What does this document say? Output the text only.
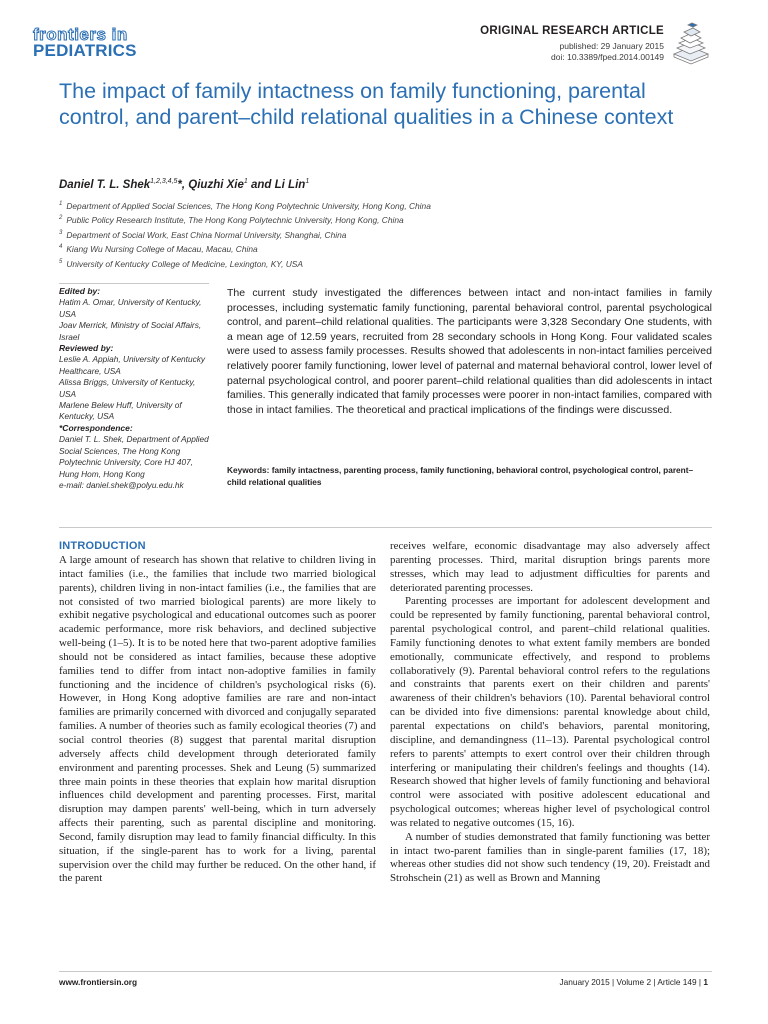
frontiers in
PEDIATRICS
ORIGINAL RESEARCH ARTICLE
published: 29 January 2015
doi: 10.3389/fped.2014.00149
The impact of family intactness on family functioning, parental control, and parent–child relational qualities in a Chinese context
Daniel T. L. Shek$^{1,2,3,4,5}$*, Qiuzhi Xie$^1$ and Li Lin$^1$
$^1$ Department of Applied Social Sciences, The Hong Kong Polytechnic University, Hong Kong, China
$^2$ Public Policy Research Institute, The Hong Kong Polytechnic University, Hong Kong, China
$^3$ Department of Social Work, East China Normal University, Shanghai, China
$^4$ Kiang Wu Nursing College of Macau, Macau, China
$^5$ University of Kentucky College of Medicine, Lexington, KY, USA

Edited by:

Hatim A. Omar, University of Kentucky, USA

Joav Merrick, Ministry of Social Affairs, Israel

Reviewed by:

Leslie A. Appiah, University of Kentucky Healthcare, USA

Alissa Briggs, University of Kentucky, USA

Marlene Belew Huff, University of Kentucky, USA

*Correspondence:

Daniel T. L. Shek, Department of Applied Social Sciences, The Hong Kong Polytechnic University, Core HJ 407, Hung Hom, Hong Kong

e-mail: daniel.shek@polyu.edu.hk

The current study investigated the differences between intact and non-intact families in family processes, including systematic family functioning, parental behavioral control, parental psychological control, and parent–child relational qualities. The participants were 3,328 Secondary One students, with a mean age of 12.59 years, recruited from 28 secondary schools in Hong Kong. Four validated scales were used to assess family processes. Results showed that adolescents in non-intact families perceived relatively poorer family functioning, lower level of paternal and maternal behavioral control, lower level of paternal psychological control, and poorer parent–child relational qualities than did adolescents in intact families. This generally indicated that family processes were poorer in non-intact families, compared with those in intact families. The theoretical and practical implications of the findings were discussed.
Keywords: family intactness, parenting process, family functioning, behavioral control, psychological control, parent–child relational qualities
INTRODUCTION

A large amount of research has shown that relative to children living in intact families (i.e., the families that include two married biological parents), children living in non-intact families (i.e., the families that are not consisted of two married biological parents) are more likely to exhibit negative psychological and educational outcomes such as poorer academic performance, more risk behaviors, and declined subjective well-being (1–5). It is to be noted here that two-parent adoptive families should not be considered as intact families, because these adoptive families tend to differ from intact non-adoptive families in family functioning and the incidence of children's psychological risks (6). However, in Hong Kong adoptive families are rare and non-intact families are primarily concerned with divorced and conjugally separated families. A number of theories such as family ecological theories (7) and social control theories (8) suggest that parental marital disruption adversely affects child development through deteriorated family environment and parenting processes. Shek and Leung (5) summarized three main points in these theories that explain how marital disruption influences child development and parenting processes. First, marital disruption may dampen parents' well-being, which in turn adversely affects their parenting, such as parental discipline and monitoring. Second, family disruption may lead to family financial difficulty. In this situation, if the single-parent has to work for a living, parental supervision over the child may further be reduced. On the other hand, if the parent

receives welfare, economic disadvantage may also adversely affect parenting processes. Third, marital disruption brings parents more stresses, which may lead to adjustment difficulties for parents and deteriorated parenting processes.

Parenting processes are important for adolescent development and could be represented by family functioning, parental behavioral control, parental psychological control, and parent–child relational qualities. Family functioning denotes to what extent family members are bonded emotionally, communicate effectively, and respond to problems collaboratively (9). Parental behavioral control refers to the regulations and constraints that parents exert on their children and parents' awareness of their children's behaviors (10). Parental behavioral control can be divided into five dimensions: parental knowledge about child, parental expectations on child's behaviors, parental monitoring, discipline, and demandingness (11–13). Parental psychological control refers to parents' attempts to exert control over their children through interfering or manipulating their children's feelings and thoughts (14). Research showed that higher levels of family functioning and behavioral control were associated with positive adolescent educational and psychological outcomes; whereas higher level of psychological control was related to negative outcomes (15, 16).

A number of studies demonstrated that family functioning was better in intact two-parent families than in single-parent families (17, 18); whereas other studies did not show such tendency (19, 20). Freistadt and Strohschein (21) as well as Brown and Manning

www.frontiersin.org	January 2015 | Volume 2 | Article 149 | 1
